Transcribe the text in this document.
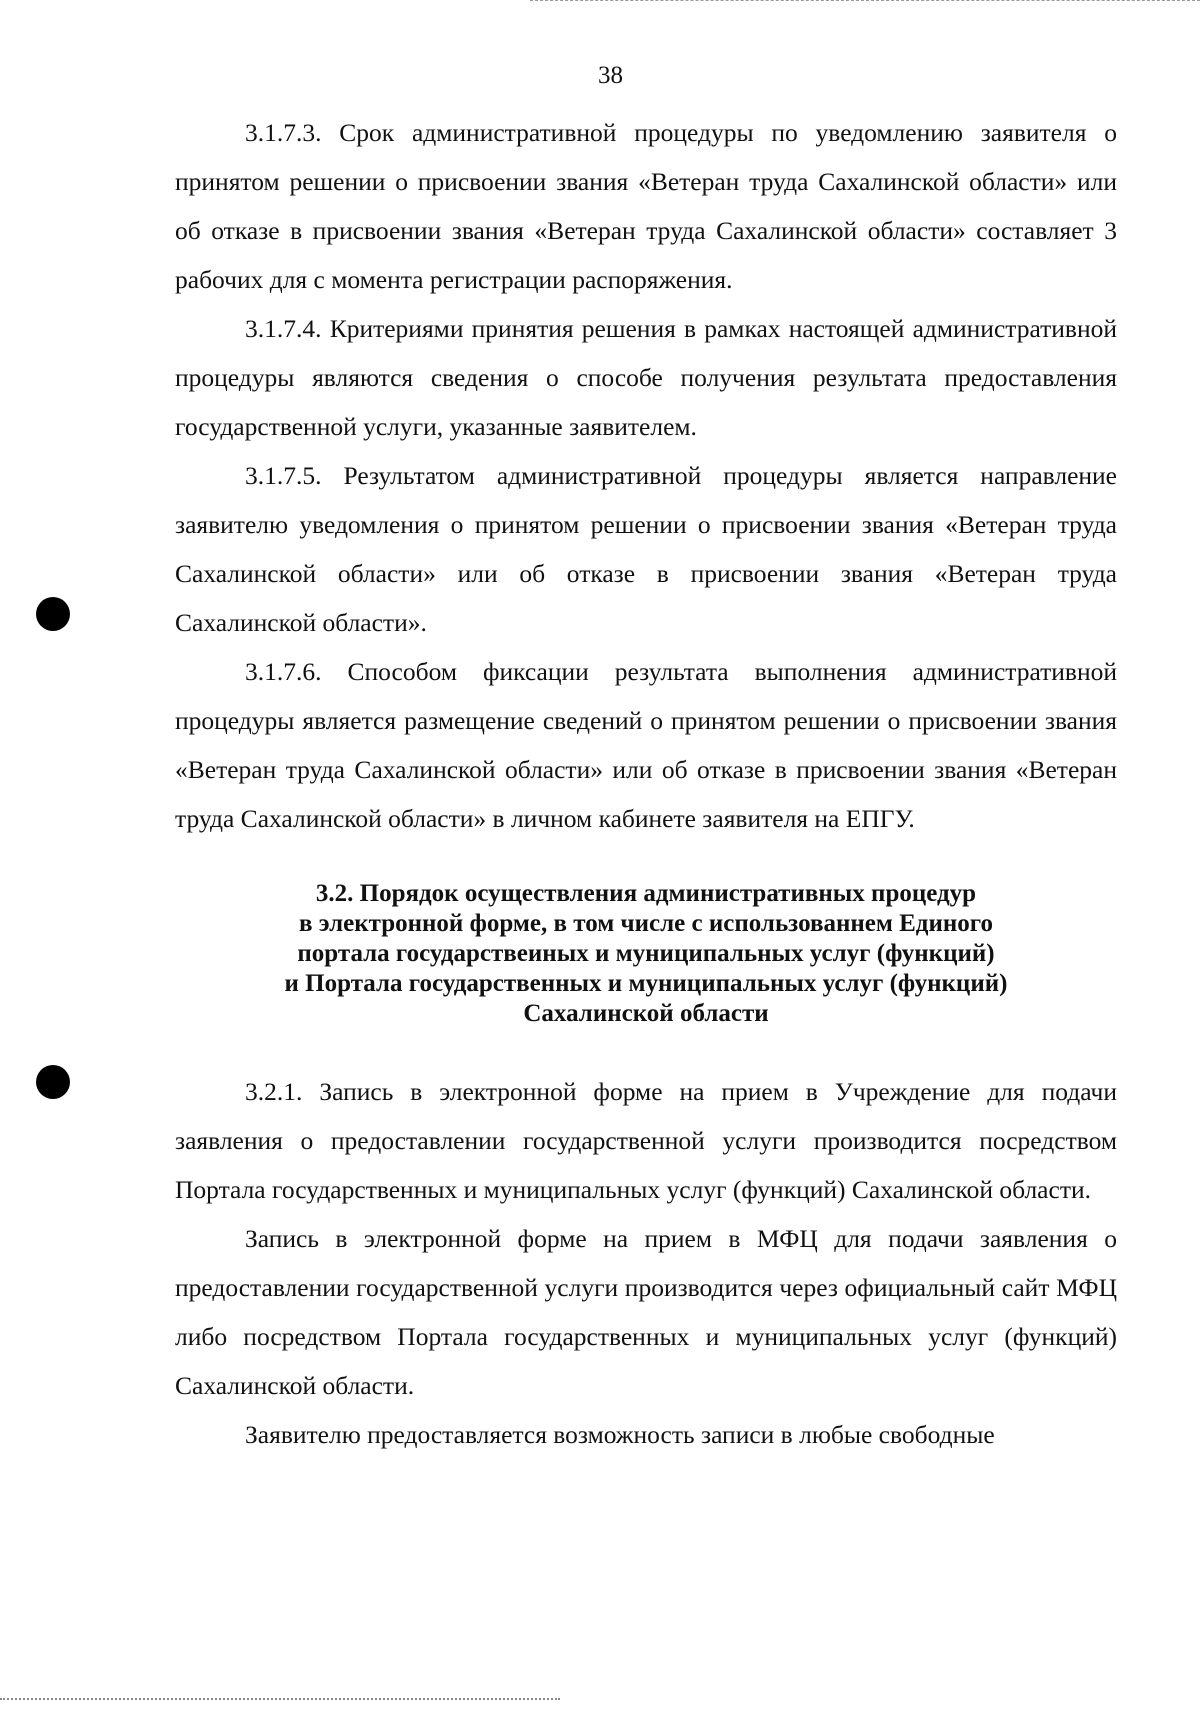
38

3.1.7.3. Срок административной процедуры по уведомлению заявителя о принятом решении о присвоении звания «Ветеран труда Сахалинской области» или об отказе в присвоении звания «Ветеран труда Сахалинской области» составляет 3 рабочих для с момента регистрации распоряжения.

3.1.7.4. Критериями принятия решения в рамках настоящей административной процедуры являются сведения о способе получения результата предоставления государственной услуги, указанные заявителем.

3.1.7.5. Результатом административной процедуры является направление заявителю уведомления о принятом решении о присвоении звания «Ветеран труда Сахалинской области» или об отказе в присвоении звания «Ветеран труда Сахалинской области».

3.1.7.6. Способом фиксации результата выполнения административной процедуры является размещение сведений о принятом решении о присвоении звания «Ветеран труда Сахалинской области» или об отказе в присвоении звания «Ветеран труда Сахалинской области» в личном кабинете заявителя на ЕПГУ.

3.2. Порядок осуществления административных процедур
в электронной форме, в том числе с использованнем Единого
портала государствеиных и муниципальных услуг (функций)
и Портала государственных и муниципальных услуг (функций)
Сахалинской области

3.2.1. Запись в электронной форме на прием в Учреждение для подачи заявления о предоставлении государственной услуги производится посредством Портала государственных и муниципальных услуг (функций) Сахалинской области.

Запись в электронной форме на прием в МФЦ для подачи заявления о предоставлении государственной услуги производится через официальный сайт МФЦ либо посредством Портала государственных и муниципальных услуг (функций) Сахалинской области.

Заявителю предоставляется возможность записи в любые свободные
